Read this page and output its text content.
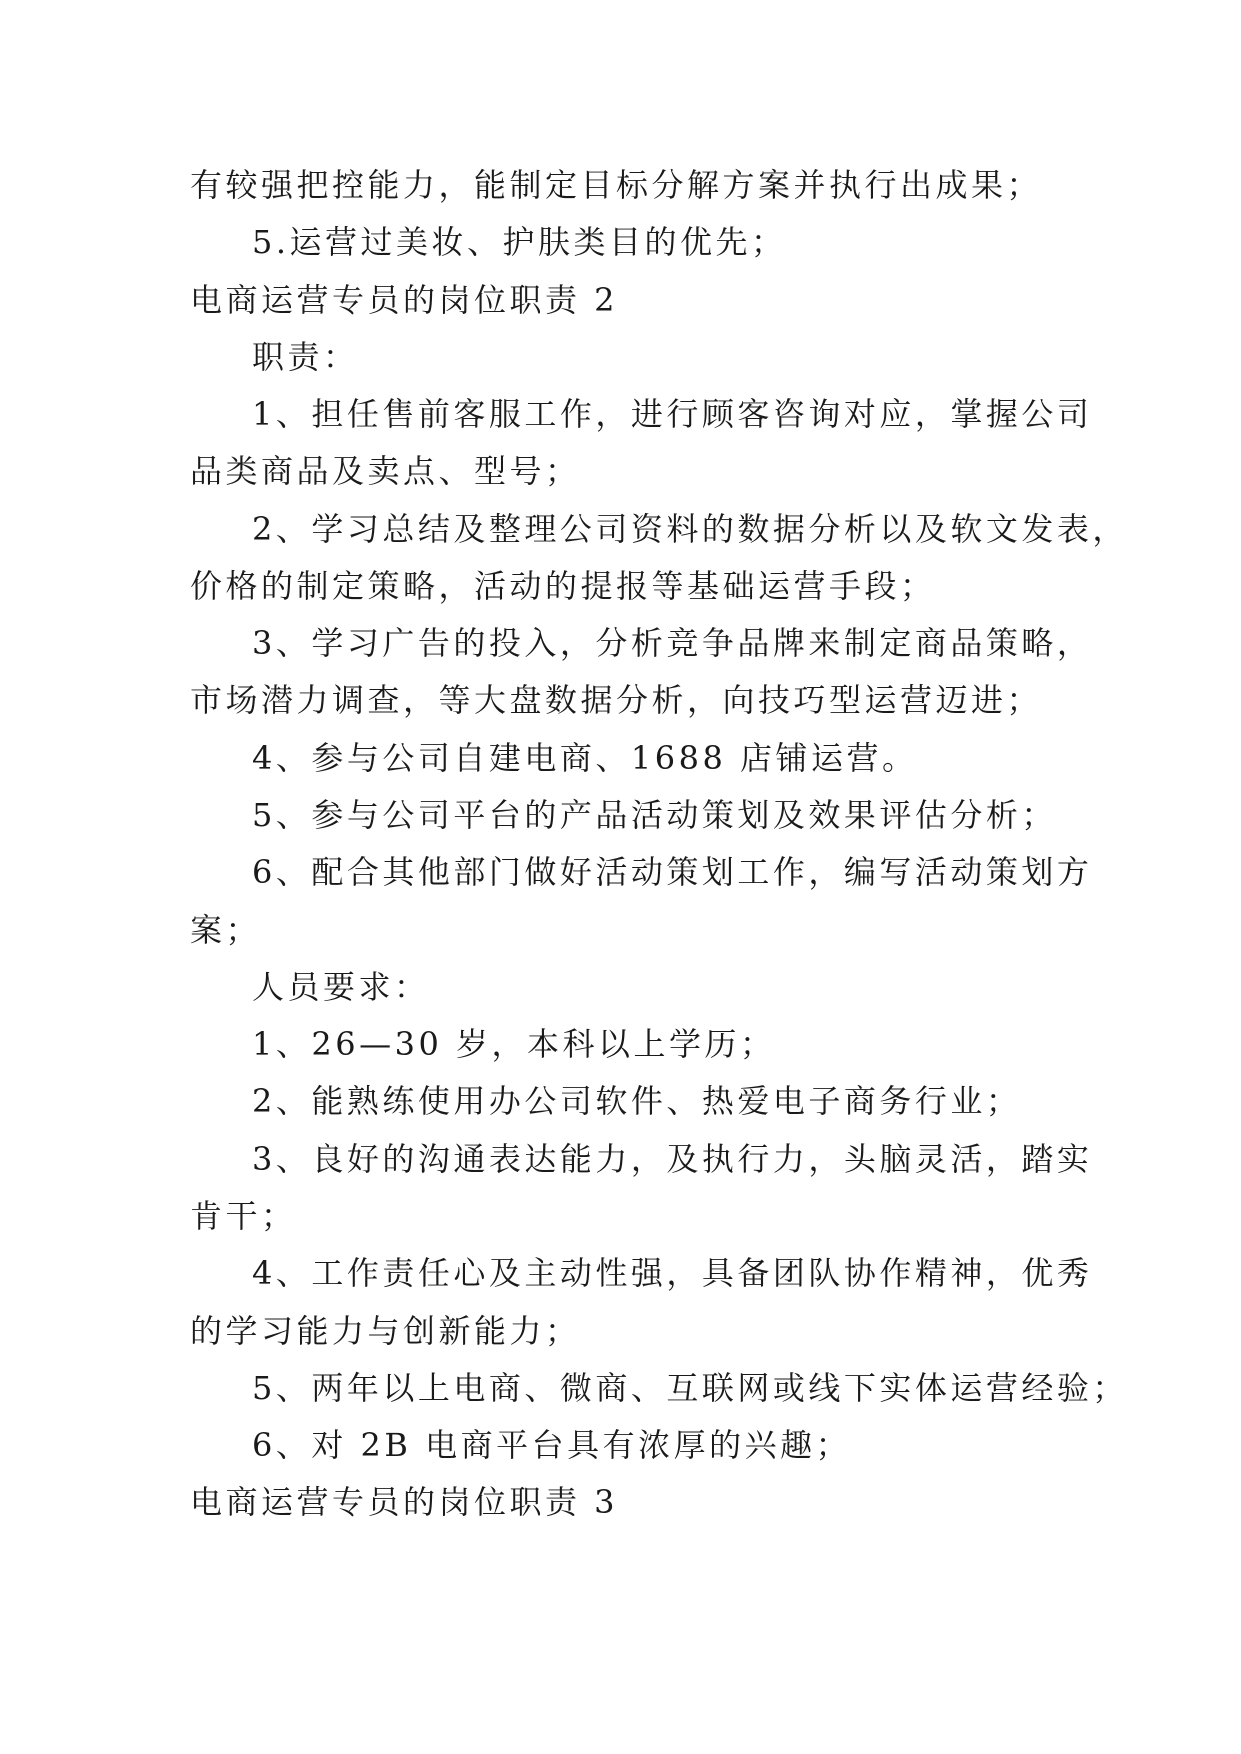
有较强把控能力，能制定目标分解方案并执行出成果；
5.运营过美妆、护肤类目的优先；
电商运营专员的岗位职责 2
职责：
1、担任售前客服工作，进行顾客咨询对应，掌握公司
品类商品及卖点、型号；
2、学习总结及整理公司资料的数据分析以及软文发表，
价格的制定策略，活动的提报等基础运营手段；
3、学习广告的投入，分析竞争品牌来制定商品策略，
市场潜力调查，等大盘数据分析，向技巧型运营迈进；
4、参与公司自建电商、1688 店铺运营。
5、参与公司平台的产品活动策划及效果评估分析；
6、配合其他部门做好活动策划工作，编写活动策划方
案；
人员要求：
1、26—30 岁，本科以上学历；
2、能熟练使用办公司软件、热爱电子商务行业；
3、良好的沟通表达能力，及执行力，头脑灵活，踏实
肯干；
4、工作责任心及主动性强，具备团队协作精神，优秀
的学习能力与创新能力；
5、两年以上电商、微商、互联网或线下实体运营经验；
6、对 2B 电商平台具有浓厚的兴趣；
电商运营专员的岗位职责 3
